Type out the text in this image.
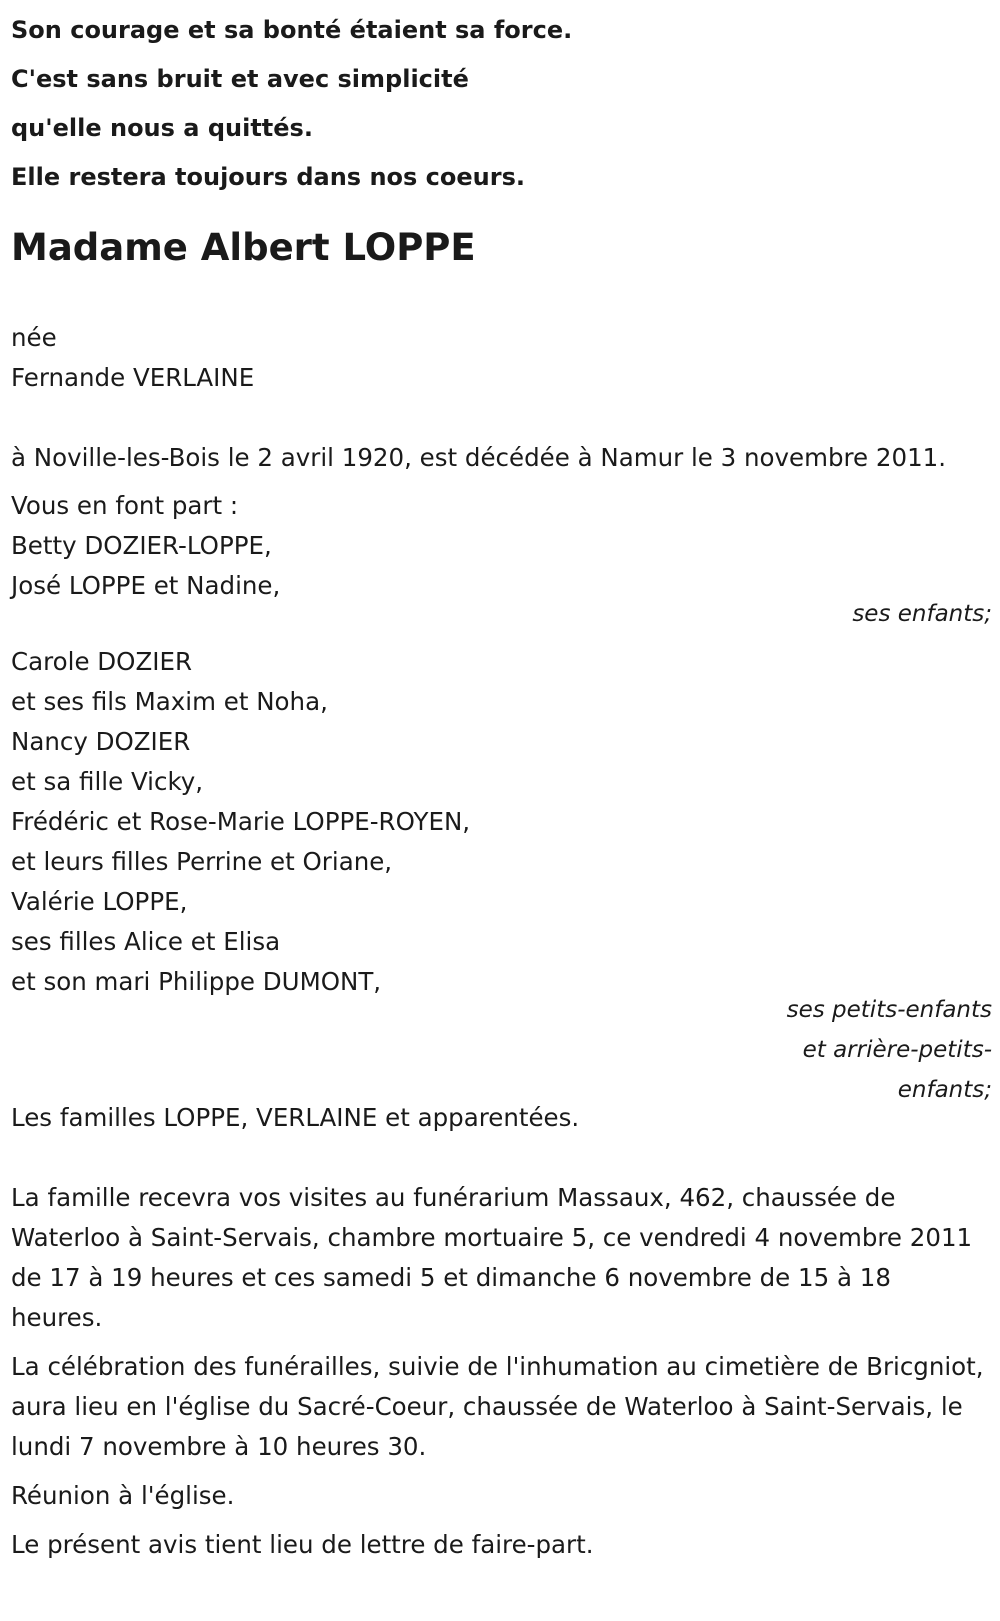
Son courage et sa bonté étaient sa force.
C'est sans bruit et avec simplicité
qu'elle nous a quittés.
Elle restera toujours dans nos coeurs.
Madame Albert LOPPE
née
Fernande VERLAINE
à Noville-les-Bois le 2 avril 1920, est décédée à Namur le 3 novembre 2011.
Vous en font part :
Betty DOZIER-LOPPE,
José LOPPE et Nadine,
ses enfants;
Carole DOZIER
et ses fils Maxim et Noha,
Nancy DOZIER
et sa fille Vicky,
Frédéric et Rose-Marie LOPPE-ROYEN,
et leurs filles Perrine et Oriane,
Valérie LOPPE,
ses filles Alice et Elisa
et son mari Philippe DUMONT,
ses petits-enfants et arrière-petits-enfants;
Les familles LOPPE, VERLAINE et apparentées.
La famille recevra vos visites au funérarium Massaux, 462, chaussée de Waterloo à Saint-Servais, chambre mortuaire 5, ce vendredi 4 novembre 2011 de 17 à 19 heures et ces samedi 5 et dimanche 6 novembre de 15 à 18 heures.
La célébration des funérailles, suivie de l'inhumation au cimetière de Bricgniot, aura lieu en l'église du Sacré-Coeur, chaussée de Waterloo à Saint-Servais, le lundi 7 novembre à 10 heures 30.
Réunion à l'église.
Le présent avis tient lieu de lettre de faire-part.
